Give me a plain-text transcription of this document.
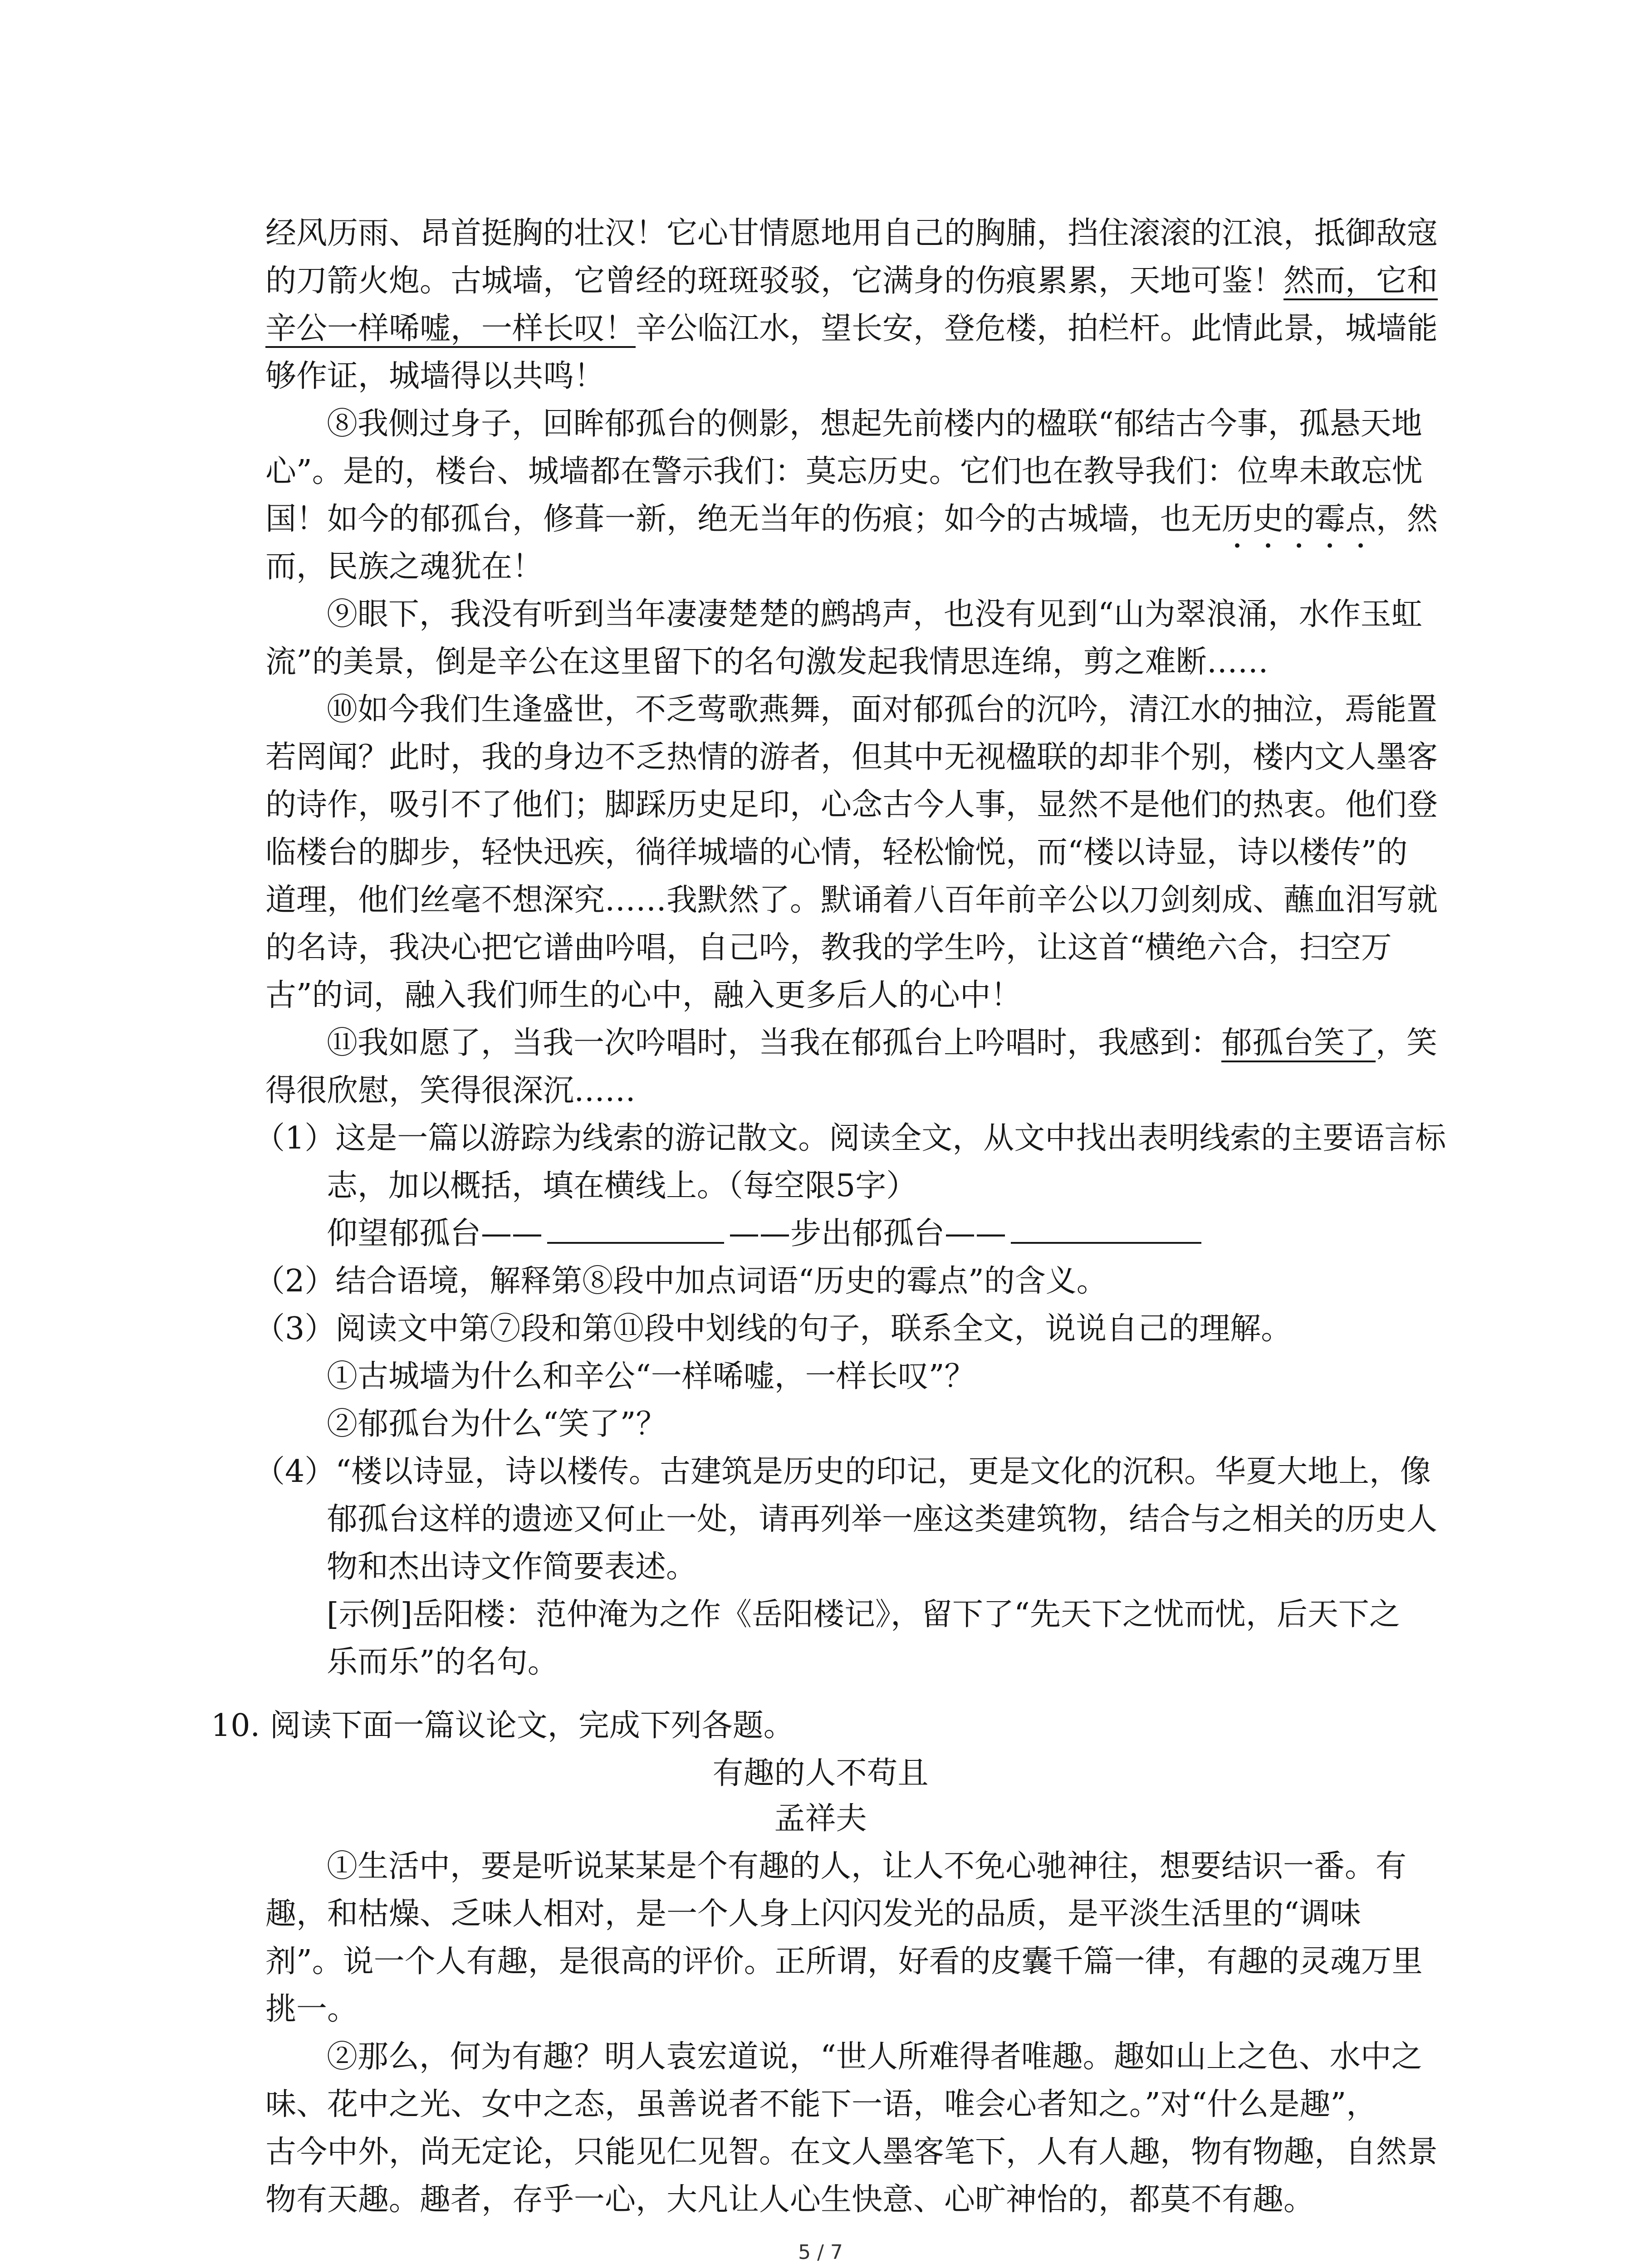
经风历雨、昂首挺胸的壮汉！它心甘情愿地用自己的胸脯，挡住滚滚的江浪，抵御敌寇

的刀箭火炮。古城墙，它曾经的斑斑驳驳，它满身的伤痕累累，天地可鉴！然而，它和

辛公一样唏嘘，一样长叹！辛公临江水，望长安，登危楼，拍栏杆。此情此景，城墙能

够作证，城墙得以共鸣！

⑧我侧过身子，回眸郁孤台的侧影，想起先前楼内的楹联“郁结古今事，孤悬天地

心”。是的，楼台、城墙都在警示我们：莫忘历史。它们也在教导我们：位卑未敢忘忧

国！如今的郁孤台，修葺一新，绝无当年的伤痕；如今的古城墙，也无历史的霉点，然

而，民族之魂犹在！

⑨眼下，我没有听到当年凄凄楚楚的鹧鸪声，也没有见到“山为翠浪涌，水作玉虹

流”的美景，倒是辛公在这里留下的名句激发起我情思连绵，剪之难断……

⑩如今我们生逢盛世，不乏莺歌燕舞，面对郁孤台的沉吟，清江水的抽泣，焉能置

若罔闻？此时，我的身边不乏热情的游者，但其中无视楹联的却非个别，楼内文人墨客

的诗作，吸引不了他们；脚踩历史足印，心念古今人事，显然不是他们的热衷。他们登

临楼台的脚步，轻快迅疾，徜徉城墙的心情，轻松愉悦，而“楼以诗显，诗以楼传”的

道理，他们丝毫不想深究……我默然了。默诵着八百年前辛公以刀剑刻成、蘸血泪写就

的名诗，我决心把它谱曲吟唱，自己吟，教我的学生吟，让这首“横绝六合，扫空万

古”的词，融入我们师生的心中，融入更多后人的心中！

⑪我如愿了，当我一次吟唱时，当我在郁孤台上吟唱时，我感到：郁孤台笑了，笑

得很欣慰，笑得很深沉……

（1）这是一篇以游踪为线索的游记散文。阅读全文，从文中找出表明线索的主要语言标

志，加以概括，填在横线上。（每空限5字）

仰望郁孤台——	——步出郁孤台——

（2）结合语境，解释第⑧段中加点词语“历史的霉点”的含义。

（3）阅读文中第⑦段和第⑪段中划线的句子，联系全文，说说自己的理解。

①古城墙为什么和辛公“一样唏嘘，一样长叹”？

②郁孤台为什么“笑了”？

（4）“楼以诗显，诗以楼传。古建筑是历史的印记，更是文化的沉积。华夏大地上，像

郁孤台这样的遗迹又何止一处，请再列举一座这类建筑物，结合与之相关的历史人

物和杰出诗文作简要表述。

[示例]岳阳楼：范仲淹为之作《岳阳楼记》，留下了“先天下之忧而忧，后天下之

乐而乐”的名句。

10. 阅读下面一篇议论文，完成下列各题。

有趣的人不苟且

孟祥夫

①生活中，要是听说某某是个有趣的人，让人不免心驰神往，想要结识一番。有

趣，和枯燥、乏味人相对，是一个人身上闪闪发光的品质，是平淡生活里的“调味

剂”。说一个人有趣，是很高的评价。正所谓，好看的皮囊千篇一律，有趣的灵魂万里

挑一。

②那么，何为有趣？明人袁宏道说，“世人所难得者唯趣。趣如山上之色、水中之

味、花中之光、女中之态，虽善说者不能下一语，唯会心者知之。”对“什么是趣”，

古今中外，尚无定论，只能见仁见智。在文人墨客笔下，人有人趣，物有物趣，自然景

物有天趣。趣者，存乎一心，大凡让人心生快意、心旷神怡的，都莫不有趣。

5 / 7
